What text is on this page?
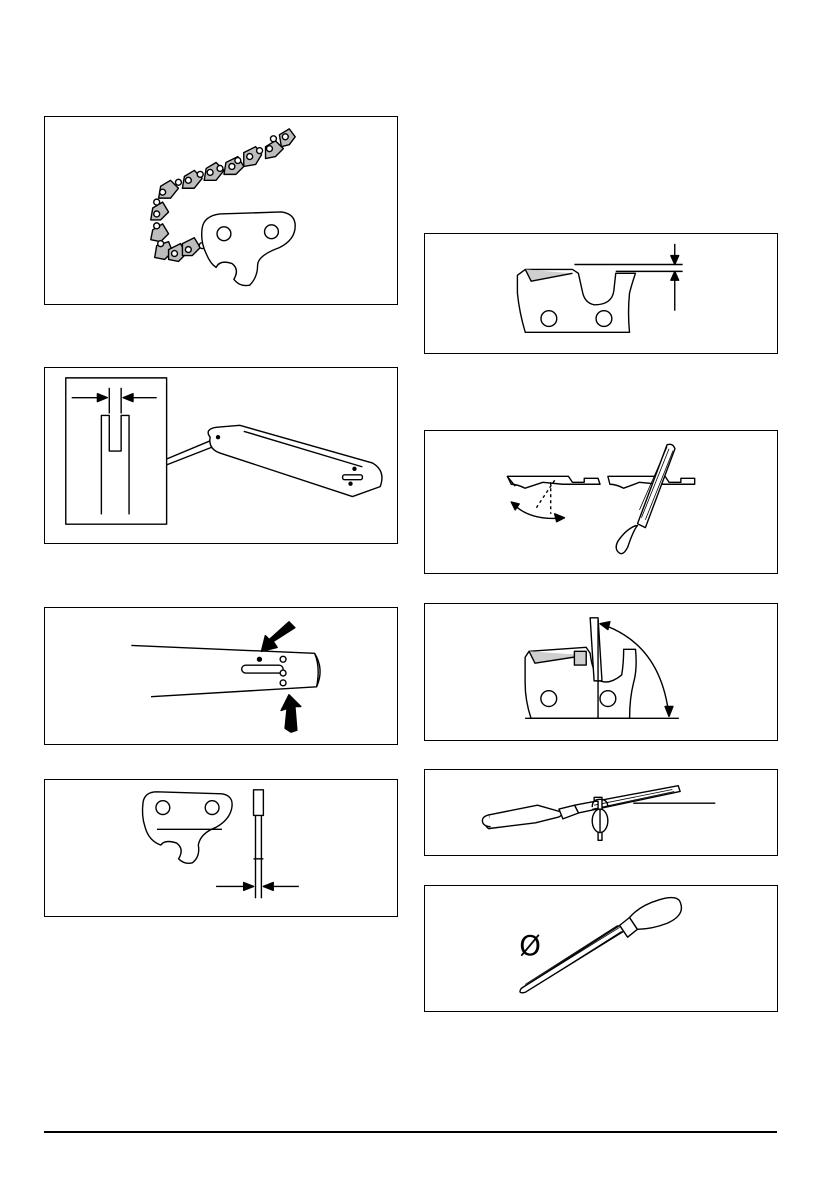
Ø
